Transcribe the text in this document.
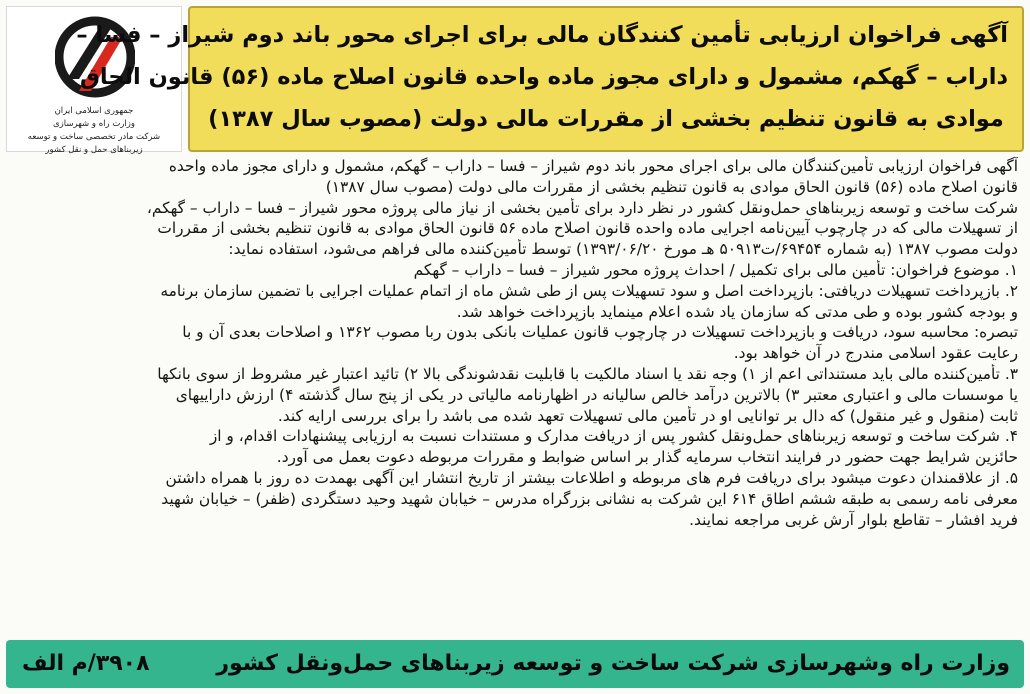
جمهوری اسلامی ایران
وزارت راه و شهرسازی
شرکت مادر تخصصی ساخت و توسعه زیربناهای حمل و نقل کشور
آگهی فراخوان ارزیابی تأمین کنندگان مالی برای اجرای محور باند دوم شیراز – فسا –
داراب – گهکم، مشمول و دارای مجوز ماده واحده قانون اصلاح ماده (۵۶) قانون الحاق
موادی به قانون تنظیم بخشی از مقررات مالی دولت (مصوب سال ۱۳۸۷)

آگهی فراخوان ارزیابی تأمین‌کنندگان مالی برای اجرای محور باند دوم شیراز – فسا – داراب – گهکم، مشمول و دارای مجوز ماده واحده

قانون اصلاح ماده (۵۶) قانون الحاق موادی به قانون تنظیم بخشی از مقررات مالی دولت (مصوب سال ۱۳۸۷)

شرکت ساخت و توسعه زیربناهای حمل‌ونقل کشور در نظر دارد برای تأمین بخشی از نیاز مالی پروژه محور شیراز – فسا – داراب – گهکم،

از تسهیلات مالی که در چارچوب آیین‌نامه اجرایی ماده واحده قانون اصلاح ماده ۵۶ قانون الحاق موادی به قانون تنظیم بخشی از مقررات

دولت مصوب ۱۳۸۷ (به شماره ۶۹۴۵۴/ت۵۰۹۱۳ هـ مورخ ۱۳۹۳/۰۶/۲۰) توسط تأمین‌کننده مالی فراهم می‌شود، استفاده نماید:

۱. موضوع فراخوان: تأمین مالی برای تکمیل / احداث پروژه محور شیراز – فسا – داراب – گهکم

۲. بازپرداخت تسهیلات دریافتی: بازپرداخت اصل و سود تسهیلات پس از طی شش ماه از اتمام عملیات اجرایی با تضمین سازمان برنامه

و بودجه کشور بوده و طی مدتی که سازمان یاد شده اعلام مینماید بازپرداخت خواهد شد.

تبصره: محاسبه سود، دریافت و بازپرداخت تسهیلات در چارچوب قانون عملیات بانکی بدون ربا مصوب ۱۳۶۲ و اصلاحات بعدی آن و با

رعایت عقود اسلامی مندرج در آن خواهد بود.

۳. تأمین‌کننده مالی باید مستنداتی اعم از ۱) وجه نقد یا اسناد مالکیت با قابلیت نقدشوندگی بالا ۲) تائید اعتبار غیر مشروط از سوی بانکها

یا موسسات مالی و اعتباری معتبر ۳) بالاترین درآمد خالص سالیانه در اظهارنامه مالیاتی در یکی از پنج سال گذشته ۴) ارزش داراییهای

ثابت (منقول و غیر منقول) که دال بر توانایی او در تأمین مالی تسهیلات تعهد شده می باشد را برای بررسی ارایه کند.

۴. شرکت ساخت و توسعه زیربناهای حمل‌ونقل کشور پس از دریافت مدارک و مستندات نسبت به ارزیابی پیشنهادات اقدام، و از

حائزین شرایط جهت حضور در فرایند انتخاب سرمایه گذار بر اساس ضوابط و مقررات مربوطه دعوت بعمل می آورد.

۵. از علاقمندان دعوت میشود برای دریافت فرم های مربوطه و اطلاعات بیشتر از تاریخ انتشار این آگهی بهمدت ده روز با همراه داشتن

معرفی نامه رسمی به طبقه ششم اطاق ۶۱۴ این شرکت به نشانی بزرگراه مدرس – خیابان شهید وحید دستگردی (ظفر) – خیابان شهید

فرید افشار – تقاطع بلوار آرش غربی مراجعه نمایند.

وزارت راه وشهرسازی شرکت ساخت و توسعه زیربناهای حمل‌ونقل کشور
۳۹۰۸/م الف
